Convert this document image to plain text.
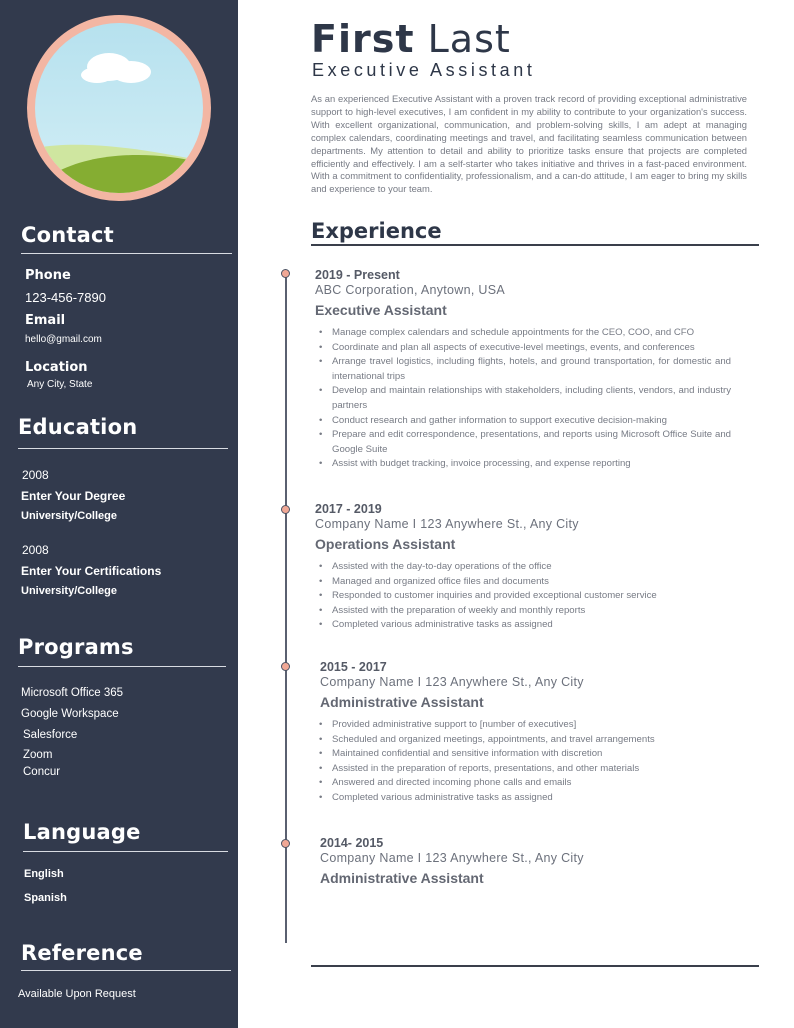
Contact
Phone
123-456-7890
Email
hello@gmail.com
Location
Any City, State
Education
2008
Enter Your Degree
University/College
2008
Enter Your Certifications
University/College
Programs
Microsoft Office 365
Google Workspace
Salesforce
Zoom
Concur
Language
English
Spanish
Reference
Available Upon Request
First Last
Executive Assistant
As an experienced Executive Assistant with a proven track record of providing exceptional administrative support to high-level executives, I am confident in my ability to contribute to your organization's success. With excellent organizational, communication, and problem-solving skills, I am adept at managing complex calendars, coordinating meetings and travel, and facilitating seamless communication between departments. My attention to detail and ability to prioritize tasks ensure that projects are completed efficiently and effectively. I am a self-starter who takes initiative and thrives in a fast-paced environment. With a commitment to confidentiality, professionalism, and a can-do attitude, I am eager to bring my skills and experience to your team.
Experience
2019 - Present
ABC Corporation, Anytown, USA
Executive Assistant
• Manage complex calendars and schedule appointments for the CEO, COO, and CFO
• Coordinate and plan all aspects of executive-level meetings, events, and conferences
• Arrange travel logistics, including flights, hotels, and ground transportation, for domestic and international trips
• Develop and maintain relationships with stakeholders, including clients, vendors, and industry partners
• Conduct research and gather information to support executive decision-making
• Prepare and edit correspondence, presentations, and reports using Microsoft Office Suite and Google Suite
• Assist with budget tracking, invoice processing, and expense reporting
2017 - 2019
Company Name I 123 Anywhere St., Any City
Operations Assistant
• Assisted with the day-to-day operations of the office
• Managed and organized office files and documents
• Responded to customer inquiries and provided exceptional customer service
• Assisted with the preparation of weekly and monthly reports
• Completed various administrative tasks as assigned
2015 - 2017
Company Name I 123 Anywhere St., Any City
Administrative Assistant
• Provided administrative support to [number of executives]
• Scheduled and organized meetings, appointments, and travel arrangements
• Maintained confidential and sensitive information with discretion
• Assisted in the preparation of reports, presentations, and other materials
• Answered and directed incoming phone calls and emails
• Completed various administrative tasks as assigned
2014- 2015
Company Name I 123 Anywhere St., Any City
Administrative Assistant
